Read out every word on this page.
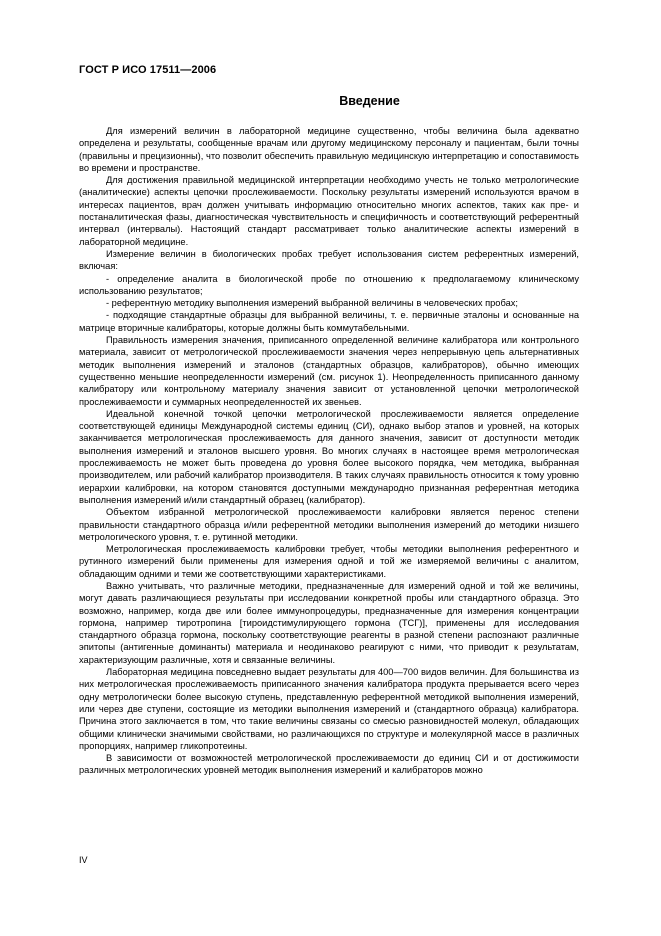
ГОСТ Р ИСО 17511—2006
Введение

Для измерений величин в лабораторной медицине существенно, чтобы величина была адекватно определена и результаты, сообщенные врачам или другому медицинскому персоналу и пациентам, были точны (правильны и прецизионны), что позволит обеспечить правильную медицинскую интерпретацию и сопоставимость во времени и пространстве.

Для достижения правильной медицинской интерпретации необходимо учесть не только метрологические (аналитические) аспекты цепочки прослеживаемости. Поскольку результаты измерений используются врачом в интересах пациентов, врач должен учитывать информацию относительно многих аспектов, таких как пре- и постаналитическая фазы, диагностическая чувствительность и специфичность и соответствующий референтный интервал (интервалы). Настоящий стандарт рассматривает только аналитические аспекты измерений в лабораторной медицине.

Измерение величин в биологических пробах требует использования систем референтных измерений, включая:

- определение аналита в биологической пробе по отношению к предполагаемому клиническому использованию результатов;

- референтную методику выполнения измерений выбранной величины в человеческих пробах;

- подходящие стандартные образцы для выбранной величины, т. е. первичные эталоны и основанные на матрице вторичные калибраторы, которые должны быть коммутабельными.

Правильность измерения значения, приписанного определенной величине калибратора или контрольного материала, зависит от метрологической прослеживаемости значения через непрерывную цепь альтернативных методик выполнения измерений и эталонов (стандартных образцов, калибраторов), обычно имеющих существенно меньшие неопределенности измерений (см. рисунок 1). Неопределенность приписанного данному калибратору или контрольному материалу значения зависит от установленной цепочки метрологической прослеживаемости и суммарных неопределенностей их звеньев.

Идеальной конечной точкой цепочки метрологической прослеживаемости является определение соответствующей единицы Международной системы единиц (СИ), однако выбор этапов и уровней, на которых заканчивается метрологическая прослеживаемость для данного значения, зависит от доступности методик выполнения измерений и эталонов высшего уровня. Во многих случаях в настоящее время метрологическая прослеживаемость не может быть проведена до уровня более высокого порядка, чем методика, выбранная производителем, или рабочий калибратор производителя. В таких случаях правильность относится к тому уровню иерархии калибровки, на котором становятся доступными международно признанная референтная методика выполнения измерений и/или стандартный образец (калибратор).

Объектом избранной метрологической прослеживаемости калибровки является перенос степени правильности стандартного образца и/или референтной методики выполнения измерений до методики низшего метрологического уровня, т. е. рутинной методики.

Метрологическая прослеживаемость калибровки требует, чтобы методики выполнения референтного и рутинного измерений были применены для измерения одной и той же измеряемой величины с аналитом, обладающим одними и теми же соответствующими характеристиками.

Важно учитывать, что различные методики, предназначенные для измерений одной и той же величины, могут давать различающиеся результаты при исследовании конкретной пробы или стандартного образца. Это возможно, например, когда две или более иммунопроцедуры, предназначенные для измерения концентрации гормона, например тиротропина [тироидстимулирующего гормона (ТСГ)], применены для исследования стандартного образца гормона, поскольку соответствующие реагенты в разной степени распознают различные эпитопы (антигенные доминанты) материала и неодинаково реагируют с ними, что приводит к результатам, характеризующим различные, хотя и связанные величины.

Лабораторная медицина повседневно выдает результаты для 400—700 видов величин. Для большинства из них метрологическая прослеживаемость приписанного значения калибратора продукта прерывается всего через одну метрологически более высокую ступень, представленную референтной методикой выполнения измерений, или через две ступени, состоящие из методики выполнения измерений и (стандартного образца) калибратора. Причина этого заключается в том, что такие величины связаны со смесью разновидностей молекул, обладающих общими клинически значимыми свойствами, но различающихся по структуре и молекулярной массе в различных пропорциях, например гликопротеины.

В зависимости от возможностей метрологической прослеживаемости до единиц СИ и от достижимости различных метрологических уровней методик выполнения измерений и калибраторов можно

IV
